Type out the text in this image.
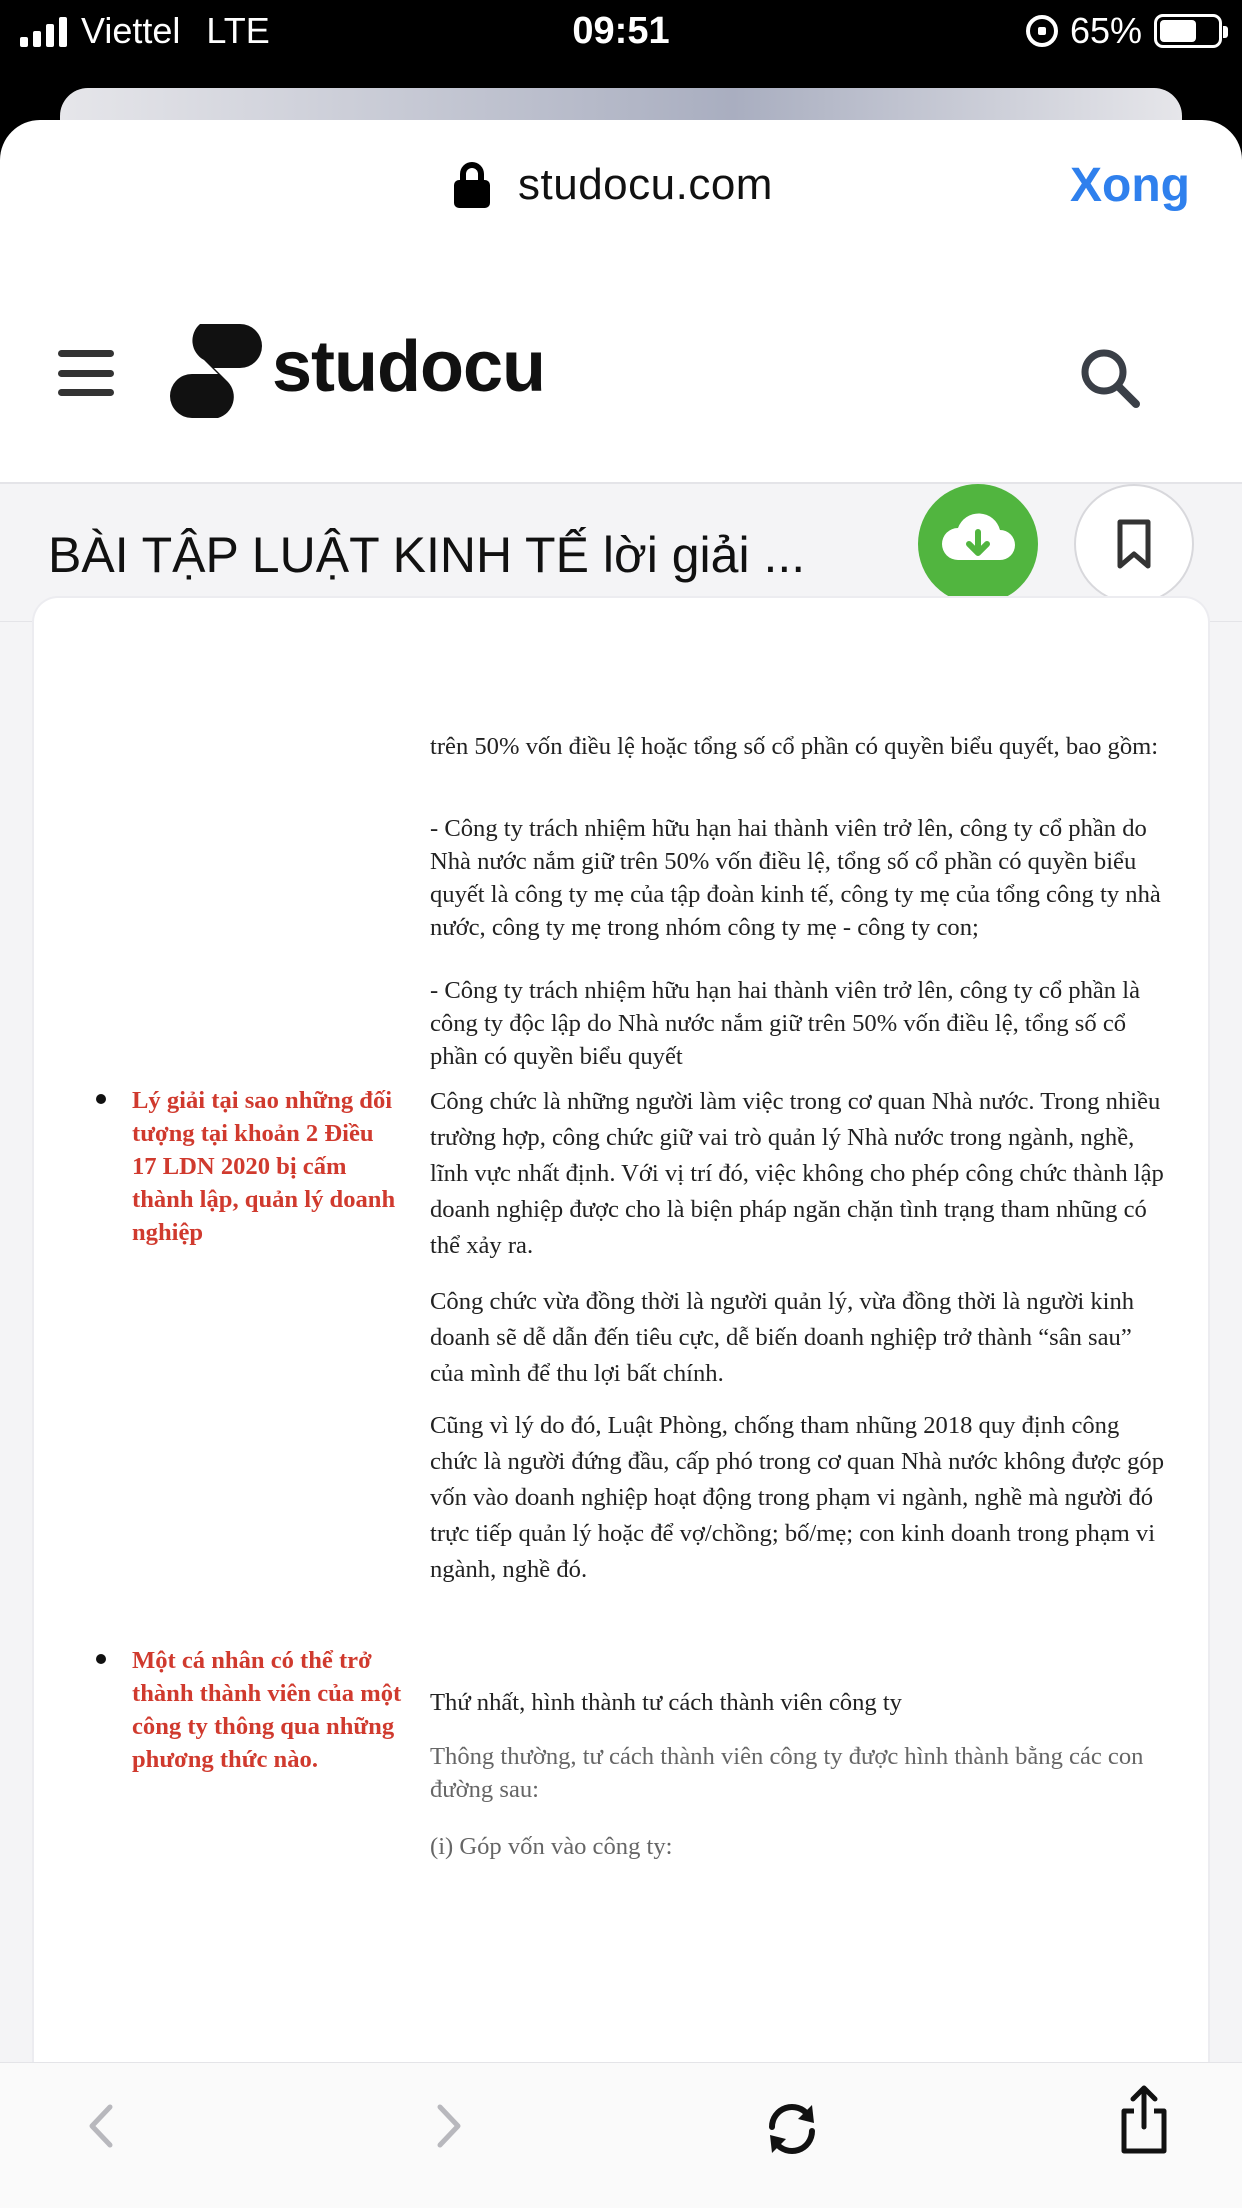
Viettel LTE	09:51	65%
studocu.com	Xong
studocu
BÀI TẬP LUẬT KINH TẾ lời giải ...
trên 50% vốn điều lệ hoặc tổng số cổ phần có quyền biểu quyết, bao gồm:
- Công ty trách nhiệm hữu hạn hai thành viên trở lên, công ty cổ phần do Nhà nước nắm giữ trên 50% vốn điều lệ, tổng số cổ phần có quyền biểu quyết là công ty mẹ của tập đoàn kinh tế, công ty mẹ của tổng công ty nhà nước, công ty mẹ trong nhóm công ty mẹ - công ty con;
- Công ty trách nhiệm hữu hạn hai thành viên trở lên, công ty cổ phần là công ty độc lập do Nhà nước nắm giữ trên 50% vốn điều lệ, tổng số cổ phần có quyền biểu quyết
Lý giải tại sao những đối tượng tại khoản 2 Điều 17 LDN 2020 bị cấm thành lập, quản lý doanh nghiệp
Công chức là những người làm việc trong cơ quan Nhà nước. Trong nhiều trường hợp, công chức giữ vai trò quản lý Nhà nước trong ngành, nghề, lĩnh vực nhất định. Với vị trí đó, việc không cho phép công chức thành lập doanh nghiệp được cho là biện pháp ngăn chặn tình trạng tham nhũng có thể xảy ra.
Công chức vừa đồng thời là người quản lý, vừa đồng thời là người kinh doanh sẽ dễ dẫn đến tiêu cực, dễ biến doanh nghiệp trở thành “sân sau” của mình để thu lợi bất chính.
Cũng vì lý do đó, Luật Phòng, chống tham nhũng 2018 quy định công chức là người đứng đầu, cấp phó trong cơ quan Nhà nước không được góp vốn vào doanh nghiệp hoạt động trong phạm vi ngành, nghề mà người đó trực tiếp quản lý hoặc để vợ/chồng; bố/mẹ; con kinh doanh trong phạm vi ngành, nghề đó.
Một cá nhân có thể trở thành thành viên của một công ty thông qua những phương thức nào.
Thứ nhất, hình thành tư cách thành viên công ty
Thông thường, tư cách thành viên công ty được hình thành bằng các con đường sau:
(i) Góp vốn vào công ty:
